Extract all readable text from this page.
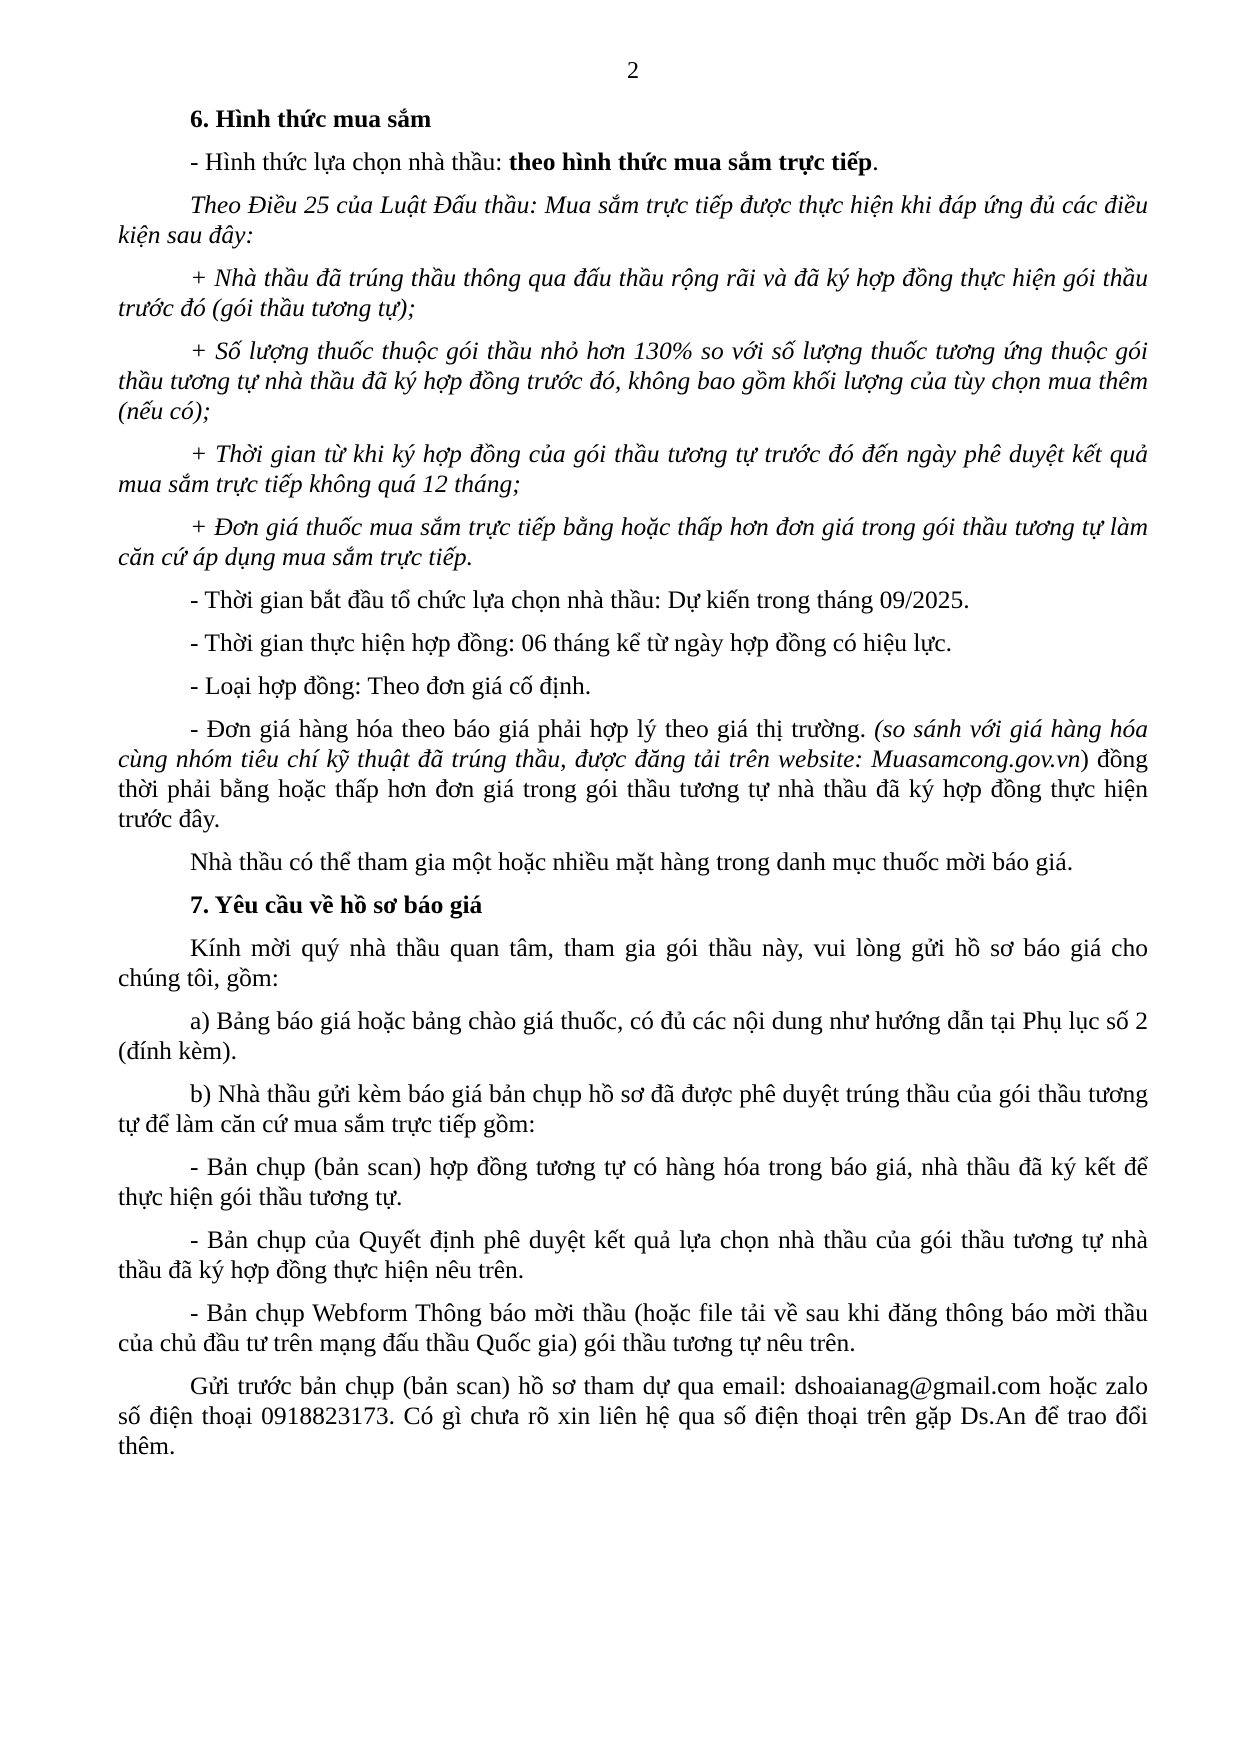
2

6. Hình thức mua sắm

- Hình thức lựa chọn nhà thầu: theo hình thức mua sắm trực tiếp.

Theo Điều 25 của Luật Đấu thầu: Mua sắm trực tiếp được thực hiện khi đáp ứng đủ các điều kiện sau đây:

+ Nhà thầu đã trúng thầu thông qua đấu thầu rộng rãi và đã ký hợp đồng thực hiện gói thầu trước đó (gói thầu tương tự);

+ Số lượng thuốc thuộc gói thầu nhỏ hơn 130% so với số lượng thuốc tương ứng thuộc gói thầu tương tự nhà thầu đã ký hợp đồng trước đó, không bao gồm khối lượng của tùy chọn mua thêm (nếu có);

+ Thời gian từ khi ký hợp đồng của gói thầu tương tự trước đó đến ngày phê duyệt kết quả mua sắm trực tiếp không quá 12 tháng;

+ Đơn giá thuốc mua sắm trực tiếp bằng hoặc thấp hơn đơn giá trong gói thầu tương tự làm căn cứ áp dụng mua sắm trực tiếp.

- Thời gian bắt đầu tổ chức lựa chọn nhà thầu: Dự kiến trong tháng 09/2025.

- Thời gian thực hiện hợp đồng: 06 tháng kể từ ngày hợp đồng có hiệu lực.

- Loại hợp đồng: Theo đơn giá cố định.

- Đơn giá hàng hóa theo báo giá phải hợp lý theo giá thị trường. (so sánh với giá hàng hóa cùng nhóm tiêu chí kỹ thuật đã trúng thầu, được đăng tải trên website: Muasamcong.gov.vn) đồng thời phải bằng hoặc thấp hơn đơn giá trong gói thầu tương tự nhà thầu đã ký hợp đồng thực hiện trước đây.

Nhà thầu có thể tham gia một hoặc nhiều mặt hàng trong danh mục thuốc mời báo giá.

7. Yêu cầu về hồ sơ báo giá

Kính mời quý nhà thầu quan tâm, tham gia gói thầu này, vui lòng gửi hồ sơ báo giá cho chúng tôi, gồm:

a) Bảng báo giá hoặc bảng chào giá thuốc, có đủ các nội dung như hướng dẫn tại Phụ lục số 2 (đính kèm).

b) Nhà thầu gửi kèm báo giá bản chụp hồ sơ đã được phê duyệt trúng thầu của gói thầu tương tự để làm căn cứ mua sắm trực tiếp gồm:

- Bản chụp (bản scan) hợp đồng tương tự có hàng hóa trong báo giá, nhà thầu đã ký kết để thực hiện gói thầu tương tự.

- Bản chụp của Quyết định phê duyệt kết quả lựa chọn nhà thầu của gói thầu tương tự nhà thầu đã ký hợp đồng thực hiện nêu trên.

- Bản chụp Webform Thông báo mời thầu (hoặc file tải về sau khi đăng thông báo mời thầu của chủ đầu tư trên mạng đấu thầu Quốc gia) gói thầu tương tự nêu trên.

Gửi trước bản chụp (bản scan) hồ sơ tham dự qua email: dshoaianag@gmail.com hoặc zalo số điện thoại 0918823173. Có gì chưa rõ xin liên hệ qua số điện thoại trên gặp Ds.An để trao đổi thêm.
